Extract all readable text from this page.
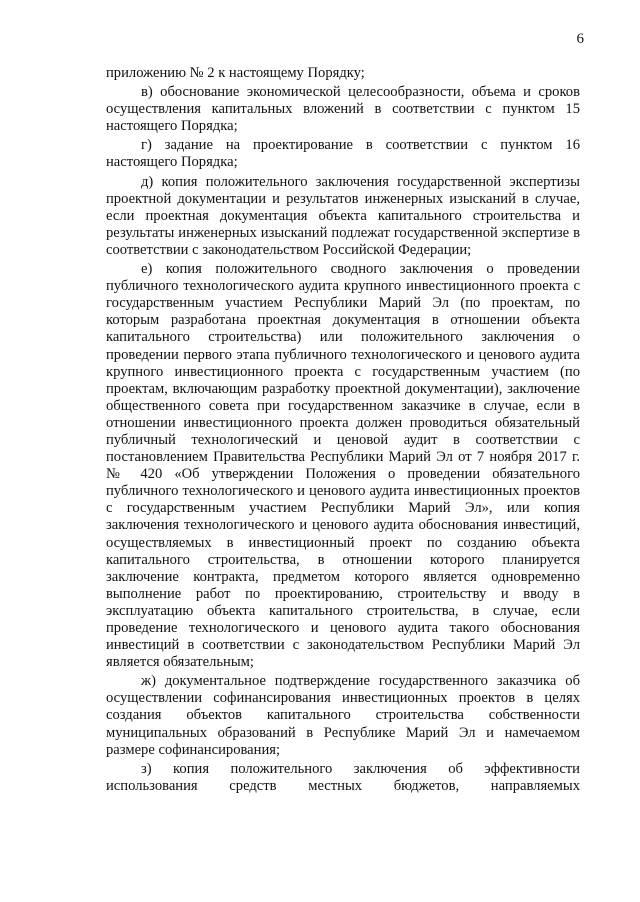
6

приложению № 2 к настоящему Порядку;

в) обоснование экономической целесообразности, объема и сроков осуществления капитальных вложений в соответствии с пунктом 15 настоящего Порядка;

г) задание на проектирование в соответствии с пунктом 16 настоящего Порядка;

д) копия положительного заключения государственной экспертизы проектной документации и результатов инженерных изысканий в случае, если проектная документация объекта капитального строительства и результаты инженерных изысканий подлежат государственной экспертизе в соответствии с законодательством Российской Федерации;

е) копия положительного сводного заключения о проведении публичного технологического аудита крупного инвестиционного проекта с государственным участием Республики Марий Эл (по проектам, по которым разработана проектная документация в отношении объекта капитального строительства) или положительного заключения о проведении первого этапа публичного технологического и ценового аудита крупного инвестиционного проекта с государственным участием (по проектам, включающим разработку проектной документации), заключение общественного совета при государственном заказчике в случае, если в отношении инвестиционного проекта должен проводиться обязательный публичный технологический и ценовой аудит в соответствии с постановлением Правительства Республики Марий Эл от 7 ноября 2017 г. № 420 «Об утверждении Положения о проведении обязательного публичного технологического и ценового аудита инвестиционных проектов с государственным участием Республики Марий Эл», или копия заключения технологического и ценового аудита обоснования инвестиций, осуществляемых в инвестиционный проект по созданию объекта капитального строительства, в отношении которого планируется заключение контракта, предметом которого является одновременно выполнение работ по проектированию, строительству и вводу в эксплуатацию объекта капитального строительства, в случае, если проведение технологического и ценового аудита такого обоснования инвестиций в соответствии с законодательством Республики Марий Эл является обязательным;

ж) документальное подтверждение государственного заказчика об осуществлении софинансирования инвестиционных проектов в целях создания объектов капитального строительства собственности муниципальных образований в Республике Марий Эл и намечаемом размере софинансирования;

з) копия положительного заключения об эффективности использования средств местных бюджетов, направляемых
